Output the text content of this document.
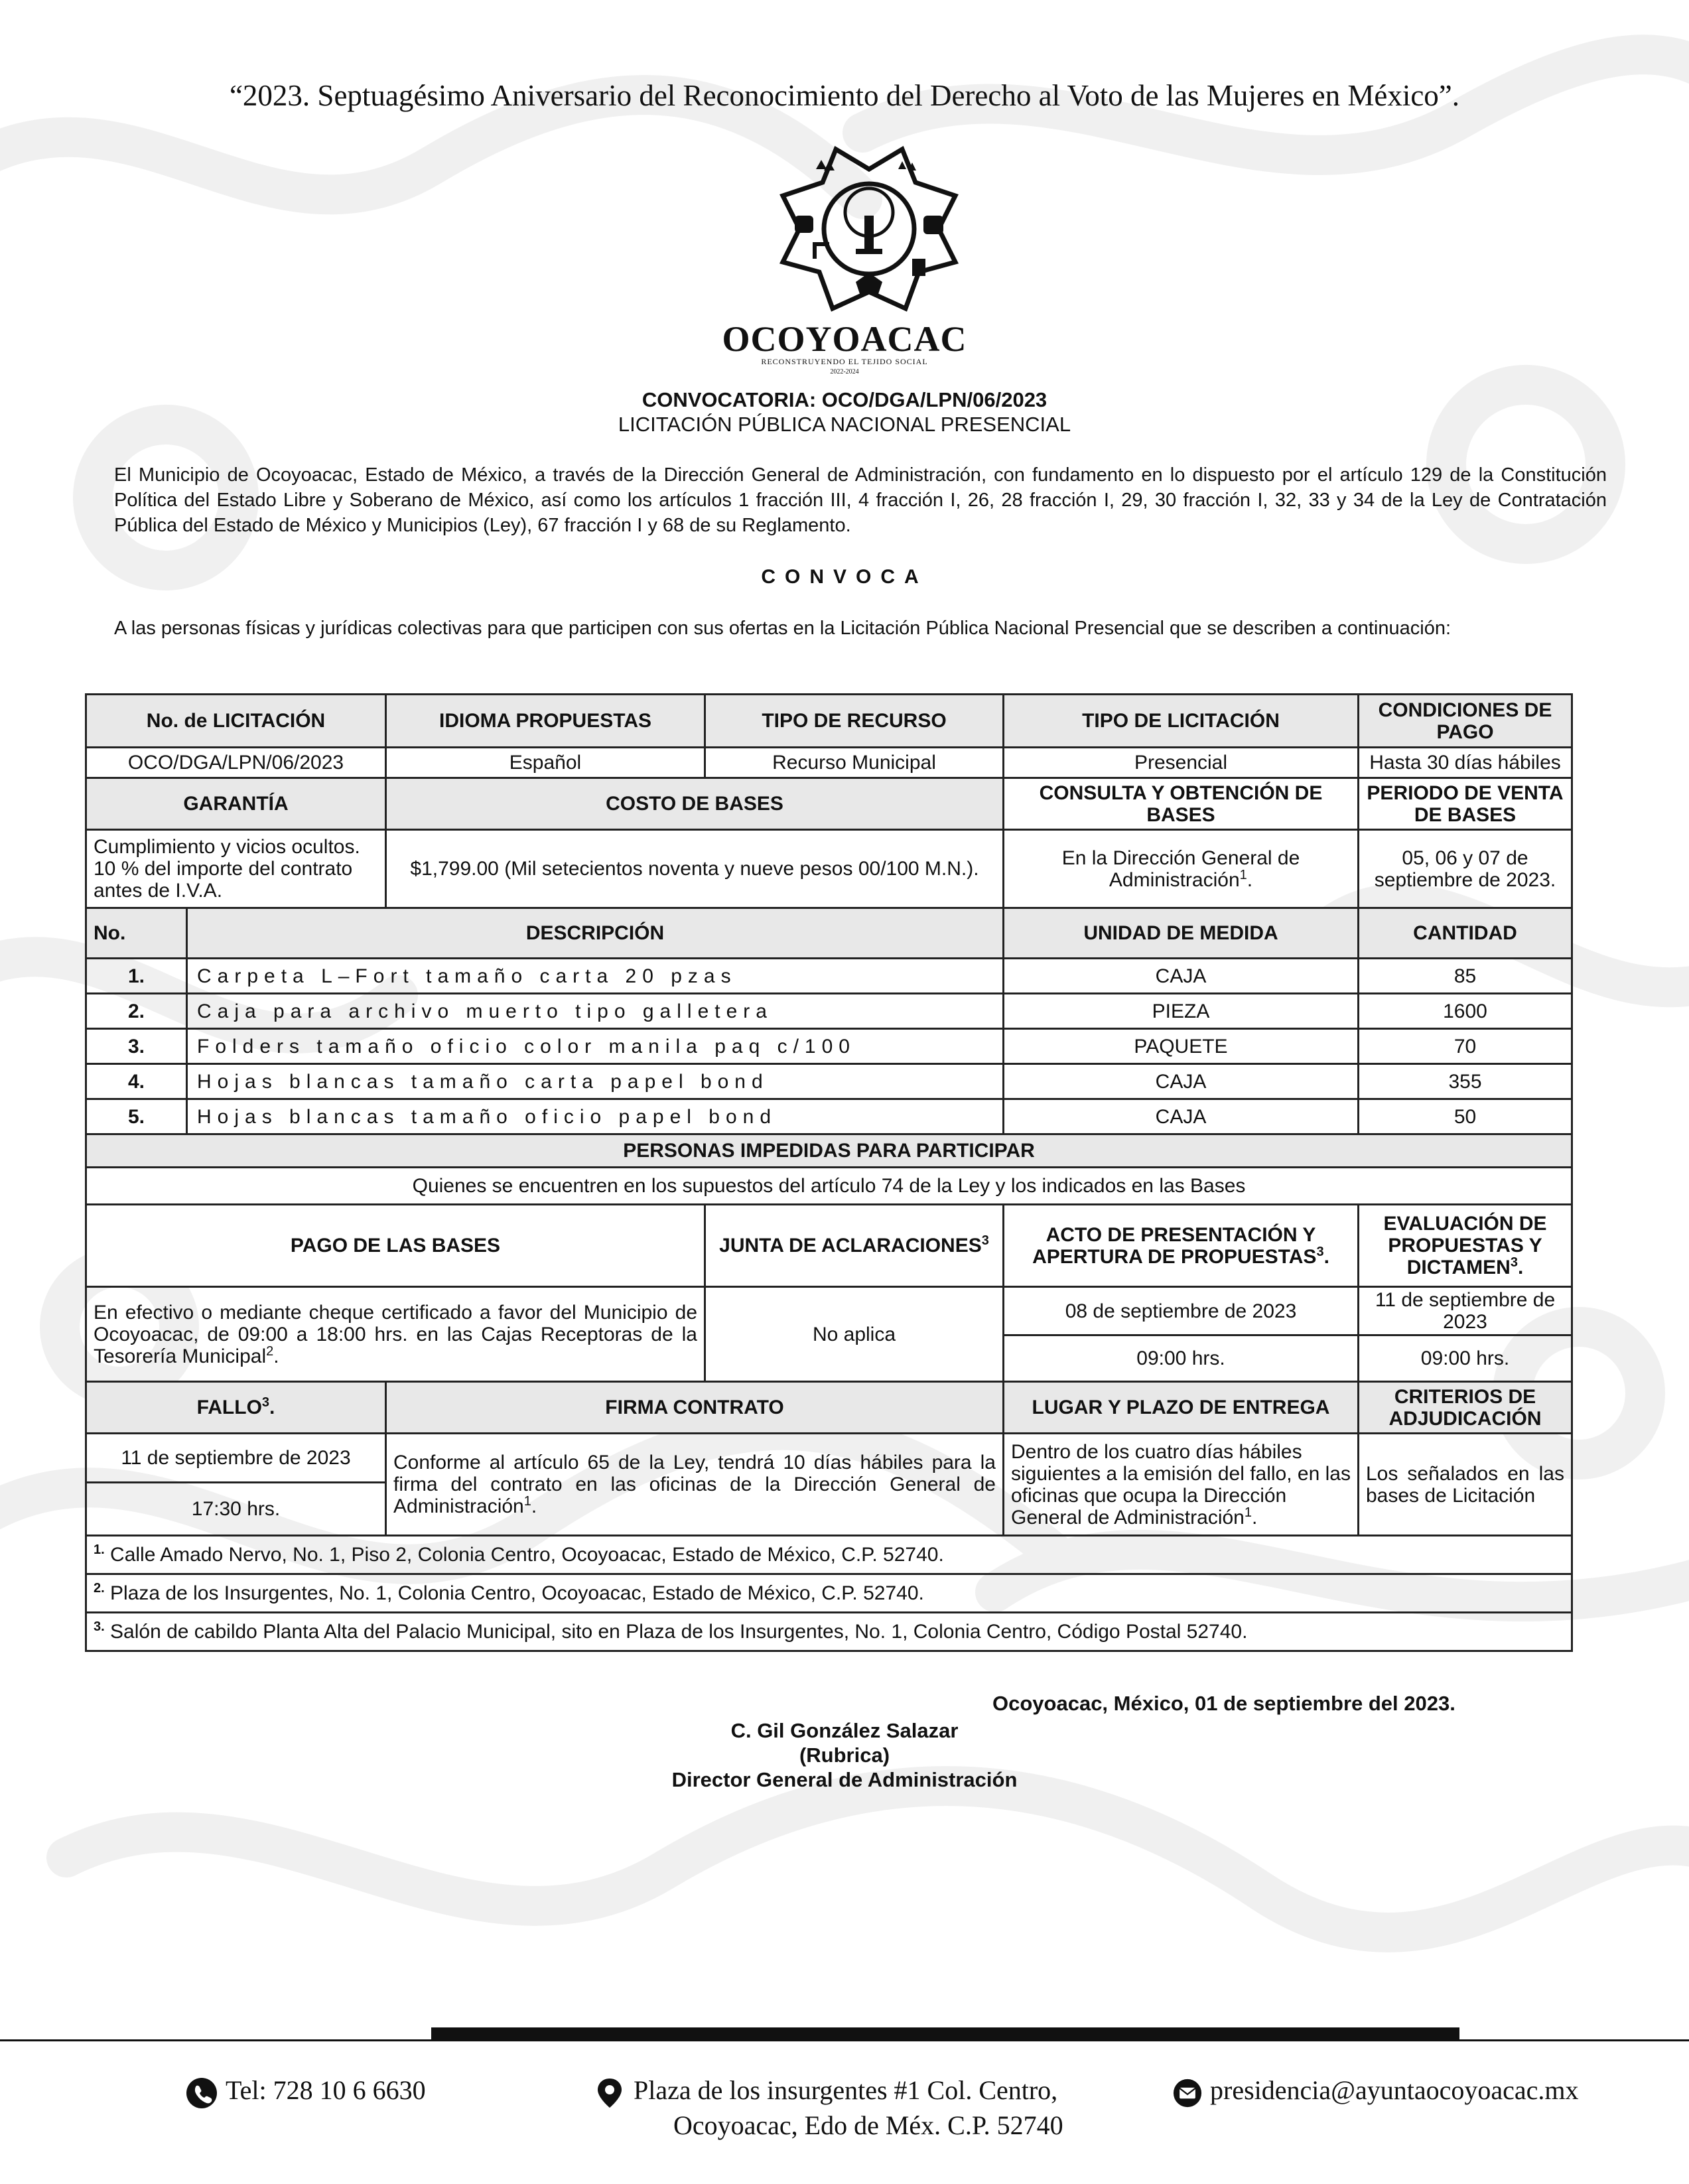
“2023. Septuagésimo Aniversario del Reconocimiento del Derecho al Voto de las Mujeres en México”.
OCOYOACAC
RECONSTRUYENDO EL TEJIDO SOCIAL
2022-2024
CONVOCATORIA: OCO/DGA/LPN/06/2023
LICITACIÓN PÚBLICA NACIONAL PRESENCIAL
El Municipio de Ocoyoacac, Estado de México, a través de la Dirección General de Administración, con fundamento en lo dispuesto por el artículo 129 de la Constitución Política del Estado Libre y Soberano de México, así como los artículos 1 fracción III, 4 fracción I, 26, 28 fracción I, 29, 30 fracción I, 32, 33 y 34 de la Ley de Contratación Pública del Estado de México y Municipios (Ley), 67 fracción I y 68 de su Reglamento.
CONVOCA
A las personas físicas y jurídicas colectivas para que participen con sus ofertas en la Licitación Pública Nacional Presencial que se describen a continuación:
No. de LICITACIÓN		IDIOMA PROPUESTAS	TIPO DE RECURSO	TIPO DE LICITACIÓN	CONDICIONES DE PAGO
OCO/DGA/LPN/06/2023		Español	Recurso Municipal	Presencial	Hasta 30 días hábiles
GARANTÍA		COSTO DE BASES		CONSULTA Y OBTENCIÓN DE BASES	PERIODO DE VENTA DE BASES
Cumplimiento y vicios ocultos. 10 % del importe del contrato antes de I.V.A.		$1,799.00 (Mil setecientos noventa y nueve pesos 00/100 M.N.).		En la Dirección General de Administración$^1$.	05, 06 y 07 de septiembre de 2023.
No.	DESCRIPCIÓN			UNIDAD DE MEDIDA	CANTIDAD
1.	Carpeta L–Fort tamaño carta 20 pzas			CAJA	85
2.	Caja para archivo muerto tipo galletera			PIEZA	1600
3.	Folders tamaño oficio color manila paq c/100			PAQUETE	70
4.	Hojas blancas tamaño carta papel bond			CAJA	355
5.	Hojas blancas tamaño oficio papel bond			CAJA	50
PERSONAS IMPEDIDAS PARA PARTICIPAR					
Quienes se encuentren en los supuestos del artículo 74 de la Ley y los indicados en las Bases					
PAGO DE LAS BASES			JUNTA DE ACLARACIONES$^3$	ACTO DE PRESENTACIÓN Y APERTURA DE PROPUESTAS$^3$.	EVALUACIÓN DE PROPUESTAS Y DICTAMEN$^3$.
En efectivo o mediante cheque certificado a favor del Municipio de Ocoyoacac, de 09:00 a 18:00 hrs. en las Cajas Receptoras de la Tesorería Municipal$^2$.			No aplica	08 de septiembre de 2023	11 de septiembre de 2023
				09:00 hrs.	09:00 hrs.
FALLO$^3$.		FIRMA CONTRATO		LUGAR Y PLAZO DE ENTREGA	CRITERIOS DE ADJUDICACIÓN
11 de septiembre de 2023		Conforme al artículo 65 de la Ley, tendrá 10 días hábiles para la firma del contrato en las oficinas de la Dirección General de Administración$^1$.		Dentro de los cuatro días hábiles siguientes a la emisión del fallo, en las oficinas que ocupa la Dirección General de Administración$^1$.	Los señalados en las bases de Licitación
17:30 hrs.					
$^{1.}$ Calle Amado Nervo, No. 1, Piso 2, Colonia Centro, Ocoyoacac, Estado de México, C.P. 52740.					
$^{2.}$ Plaza de los Insurgentes, No. 1, Colonia Centro, Ocoyoacac, Estado de México, C.P. 52740.					
$^{3.}$ Salón de cabildo Planta Alta del Palacio Municipal, sito en Plaza de los Insurgentes, No. 1, Colonia Centro, Código Postal 52740.					
Ocoyoacac, México, 01 de septiembre del 2023.
C. Gil González Salazar
(Rubrica)
Director General de Administración
Tel: 728 10 6 6630	Plaza de los insurgentes #1 Col. Centro,
Ocoyoacac, Edo de Méx. C.P. 52740
presidencia@ayuntaocoyoacac.mx
